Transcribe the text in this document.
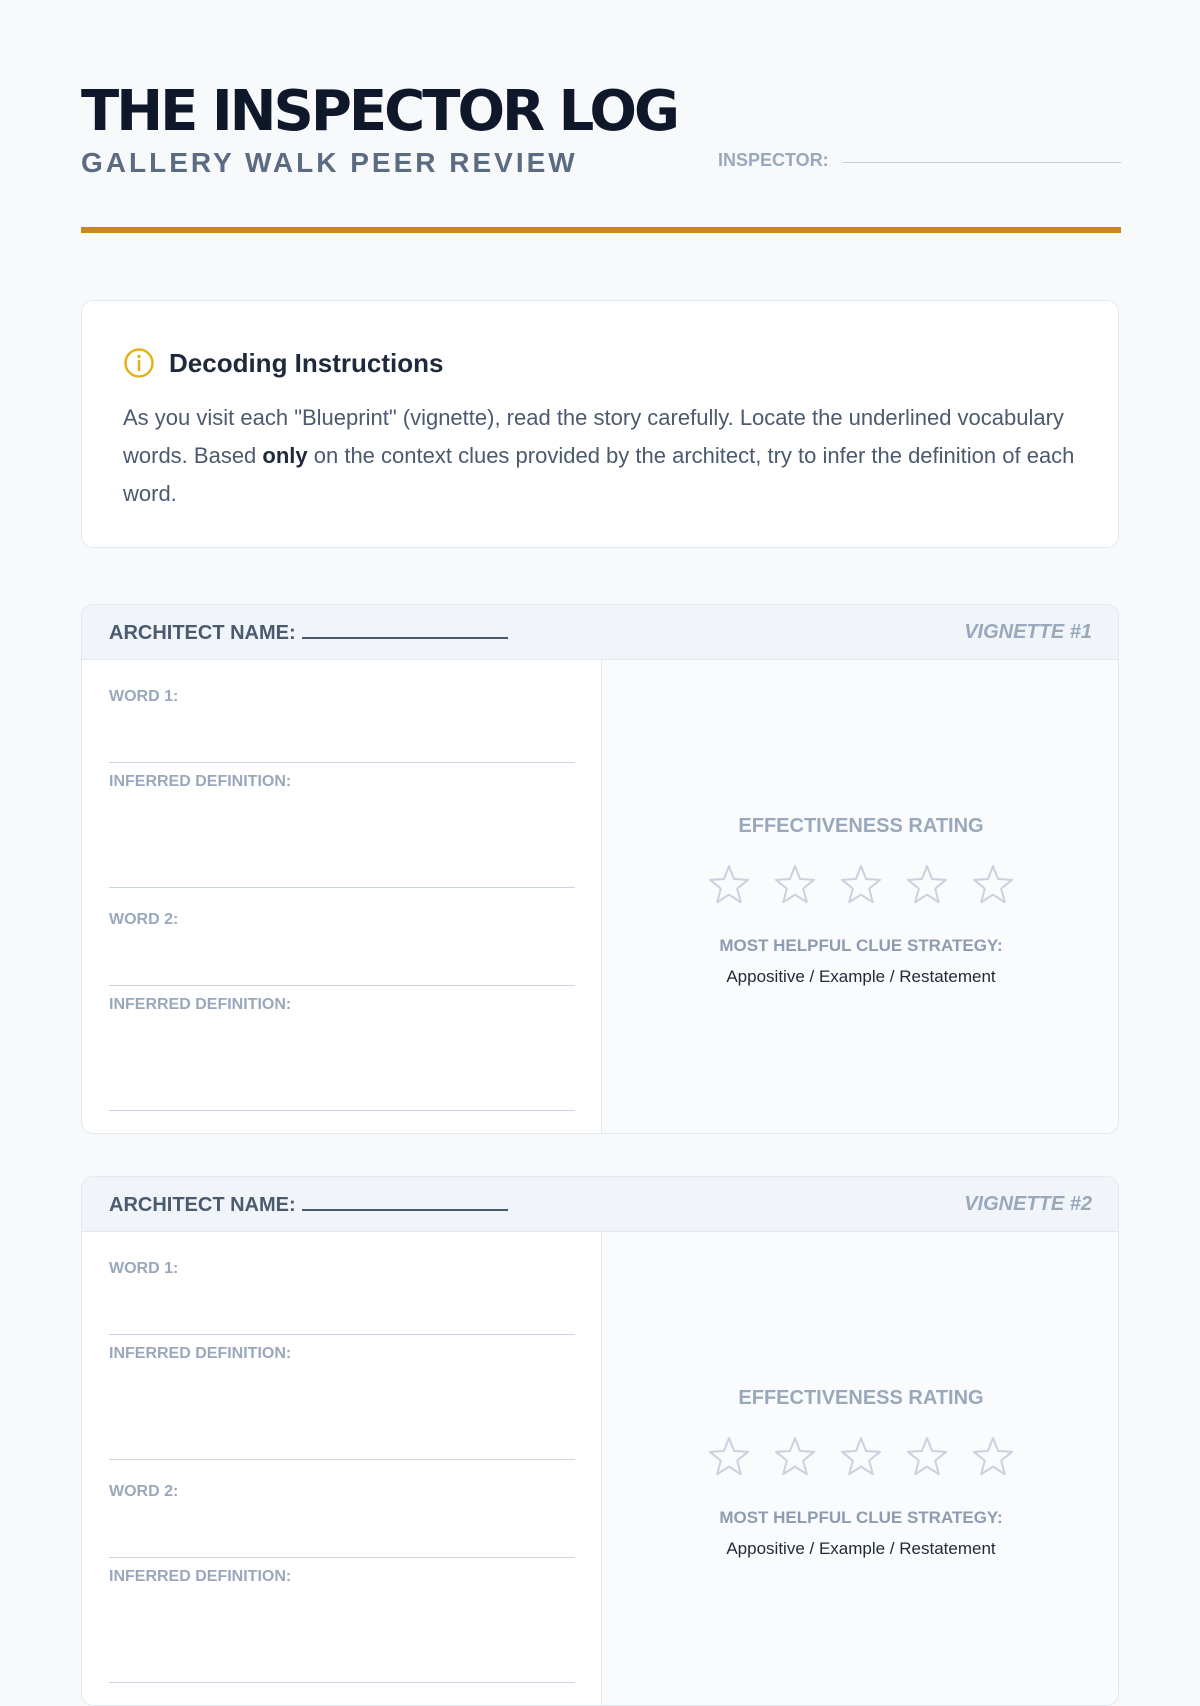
THE INSPECTOR LOG
GALLERY WALK PEER REVIEW	INSPECTOR:
Decoding Instructions

As you visit each "Blueprint" (vignette), read the story carefully. Locate the underlined vocabulary words. Based only on the context clues provided by the architect, try to infer the definition of each word.

ARCHITECT NAME:	VIGNETTE #1
WORD 1:
INFERRED DEFINITION:
WORD 2:
INFERRED DEFINITION:
EFFECTIVENESS RATING
MOST HELPFUL CLUE STRATEGY:
Appositive / Example / Restatement
ARCHITECT NAME:	VIGNETTE #2
WORD 1:
INFERRED DEFINITION:
WORD 2:
INFERRED DEFINITION:
EFFECTIVENESS RATING
MOST HELPFUL CLUE STRATEGY:
Appositive / Example / Restatement
